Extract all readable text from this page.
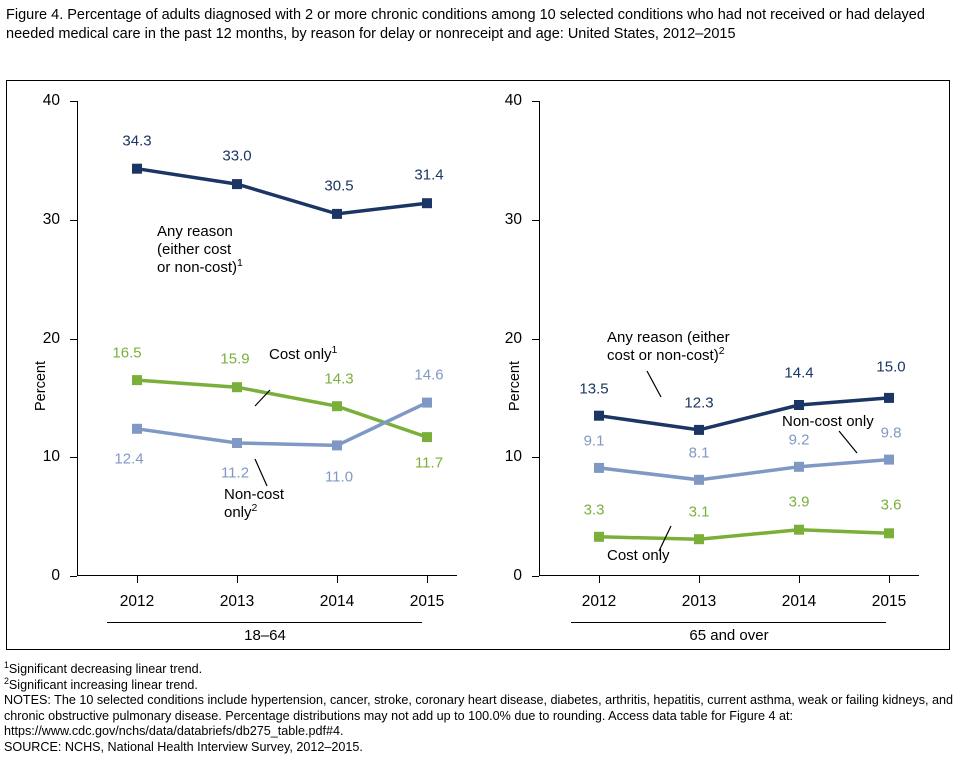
Figure 4. Percentage of adults diagnosed with 2 or more chronic conditions among 10 selected conditions who had not received or had delayed needed medical care in the past 12 months, by reason for delay or nonreceipt and age: United States, 2012–2015
Percent
0
10
20
30
40
2012	2013	2014	2015
34.3
33.0
30.5
31.4
16.5	15.9
14.3
11.7
12.4
11.2	11.0
14.6
Any reason
(either cost
or non-cost)$^1$
Cost only$^1$
Non-cost
only$^2$
18–64
Percent
0
10
20
30
40
2012	2013	2014	2015
13.5
12.3
14.4	15.0
9.1
8.1
9.2	9.8
3.3	3.1
3.9	3.6
Any reason (either
cost or non-cost)$^2$
Non-cost only
Cost only
65 and over
$^1$Significant decreasing linear trend.
$^2$Significant increasing linear trend.
NOTES: The 10 selected conditions include hypertension, cancer, stroke, coronary heart disease, diabetes, arthritis, hepatitis, current asthma, weak or failing kidneys, and chronic obstructive pulmonary disease. Percentage distributions may not add up to 100.0% due to rounding. Access data table for Figure 4 at: https://www.cdc.gov/nchs/data/databriefs/db275_table.pdf#4.
SOURCE: NCHS, National Health Interview Survey, 2012–2015.
